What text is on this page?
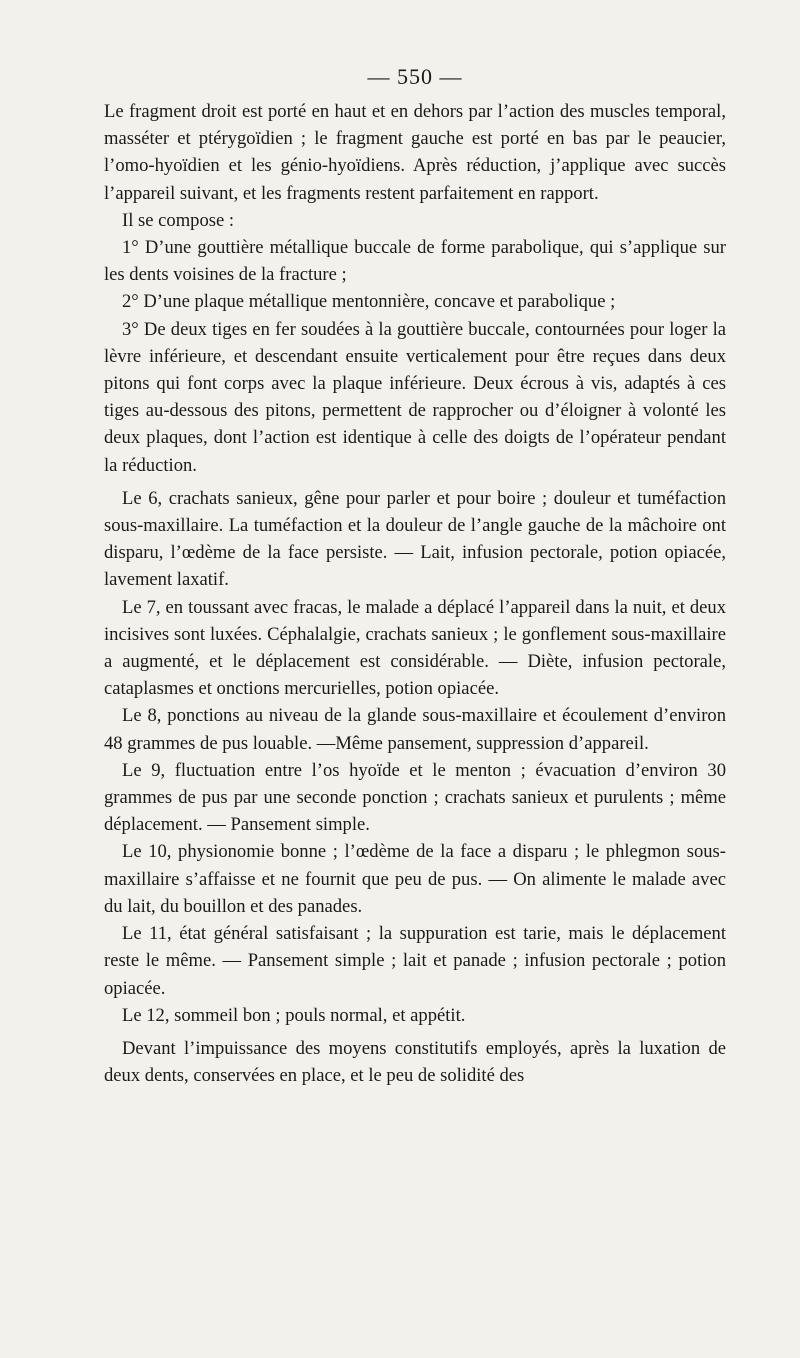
— 550 —

Le fragment droit est porté en haut et en dehors par l’action des muscles temporal, masséter et ptérygoïdien ; le fragment gauche est porté en bas par le peaucier, l’omo-hyoïdien et les génio-hyoïdiens. Après réduction, j’applique avec succès l’appareil suivant, et les fragments restent parfaitement en rapport.

Il se compose :

1° D’une gouttière métallique buccale de forme parabolique, qui s’applique sur les dents voisines de la fracture ;

2° D’une plaque métallique mentonnière, concave et parabolique ;

3° De deux tiges en fer soudées à la gouttière buccale, contournées pour loger la lèvre inférieure, et descendant ensuite verticalement pour être reçues dans deux pitons qui font corps avec la plaque inférieure. Deux écrous à vis, adaptés à ces tiges au-dessous des pitons, permettent de rapprocher ou d’éloigner à volonté les deux plaques, dont l’action est identique à celle des doigts de l’opérateur pendant la réduction.

Le 6, crachats sanieux, gêne pour parler et pour boire ; douleur et tuméfaction sous-maxillaire. La tuméfaction et la douleur de l’angle gauche de la mâchoire ont disparu, l’œdème de la face persiste. — Lait, infusion pectorale, potion opiacée, lavement laxatif.

Le 7, en toussant avec fracas, le malade a déplacé l’appareil dans la nuit, et deux incisives sont luxées. Céphalalgie, crachats sanieux ; le gonflement sous-maxillaire a augmenté, et le déplacement est considérable. — Diète, infusion pectorale, cataplasmes et onctions mercurielles, potion opiacée.

Le 8, ponctions au niveau de la glande sous-maxillaire et écoulement d’environ 48 grammes de pus louable. —Même pansement, suppression d’appareil.

Le 9, fluctuation entre l’os hyoïde et le menton ; évacuation d’environ 30 grammes de pus par une seconde ponction ; crachats sanieux et purulents ; même déplacement. — Pansement simple.

Le 10, physionomie bonne ; l’œdème de la face a disparu ; le phlegmon sous-maxillaire s’affaisse et ne fournit que peu de pus. — On alimente le malade avec du lait, du bouillon et des panades.

Le 11, état général satisfaisant ; la suppuration est tarie, mais le déplacement reste le même. — Pansement simple ; lait et panade ; infusion pectorale ; potion opiacée.

Le 12, sommeil bon ; pouls normal, et appétit.

Devant l’impuissance des moyens constitutifs employés, après la luxation de deux dents, conservées en place, et le peu de solidité des
